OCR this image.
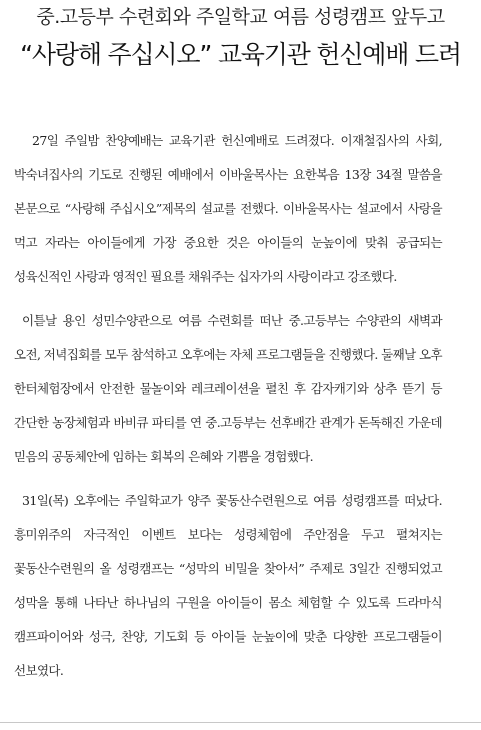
중.고등부 수련회와 주일학교 여름 성령캠프 앞두고
“사랑해 주십시오” 교육기관 헌신예배 드려

27일 주일밤 찬양예배는 교육기관 헌신예배로 드려졌다. 이재철집사의 사회, 박숙녀집사의 기도로 진행된 예배에서 이바울목사는 요한복음 13장 34절 말씀을 본문으로 “사랑해 주십시오”제목의 설교를 전했다. 이바울목사는 설교에서 사랑을 먹고 자라는 아이들에게 가장 중요한 것은 아이들의 눈높이에 맞춰 공급되는 성육신적인 사랑과 영적인 필요를 채워주는 십자가의 사랑이라고 강조했다.

이튿날 용인 성민수양관으로 여름 수련회를 떠난 중.고등부는 수양관의 새벽과 오전, 저녁집회를 모두 참석하고 오후에는 자체 프로그램들을 진행했다. 둘째날 오후 한터체험장에서 안전한 물놀이와 레크레이션을 펼친 후 감자캐기와 상추 뜯기 등 간단한 농장체험과 바비큐 파티를 연 중.고등부는 선후배간 관계가 돈독해진 가운데 믿음의 공동체안에 임하는 회복의 은혜와 기쁨을 경험했다.

31일(목) 오후에는 주일학교가 양주 꽃동산수련원으로 여름 성령캠프를 떠났다. 흥미위주의 자극적인 이벤트 보다는 성령체험에 주안점을 두고 펼쳐지는 꽃동산수련원의 올 성령캠프는 “성막의 비밀을 찾아서” 주제로 3일간 진행되었고 성막을 통해 나타난 하나님의 구원을 아이들이 몸소 체험할 수 있도록 드라마식 캠프파이어와 성극, 찬양, 기도회 등 아이들 눈높이에 맞춘 다양한 프로그램들이 선보였다.
